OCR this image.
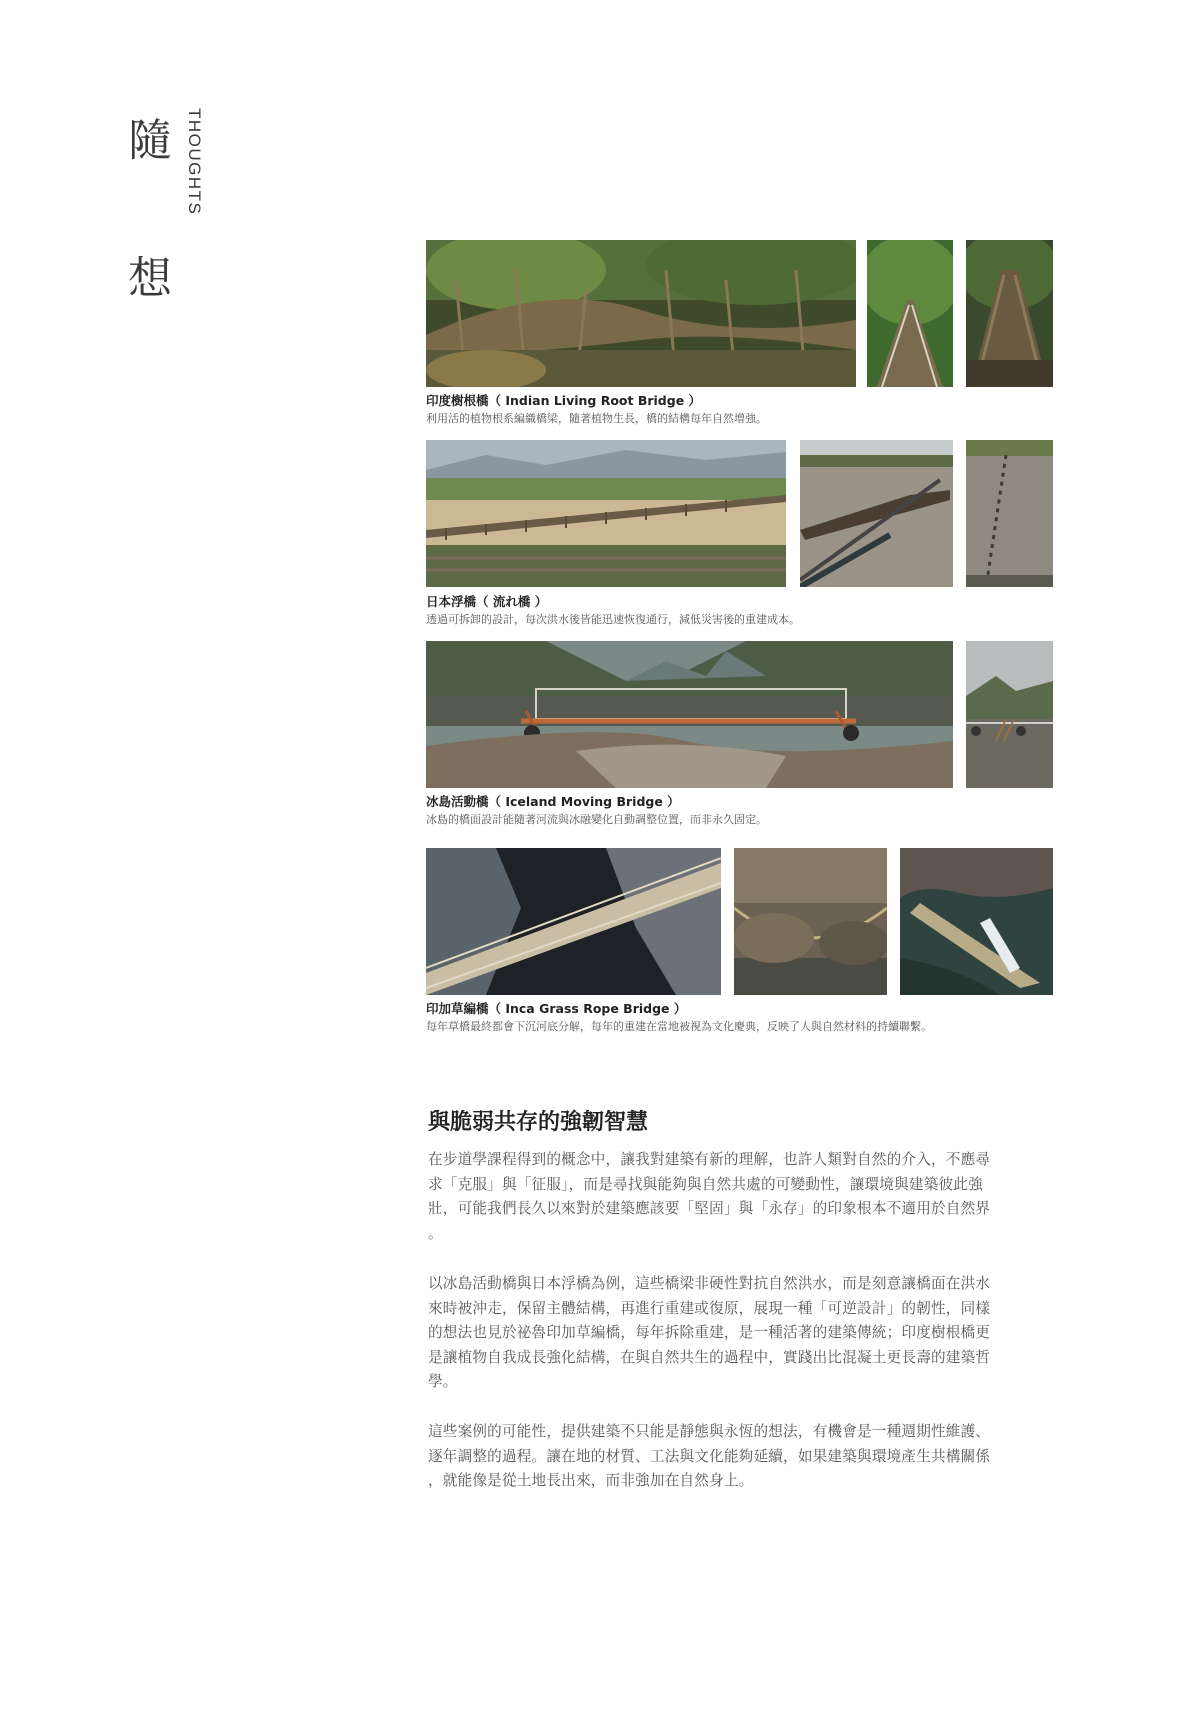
隨 THOUGHTS
想
印度樹根橋（ Indian Living Root Bridge ）
利用活的植物根系編織橋梁，隨著植物生長，橋的結構每年自然增強。
日本浮橋（ 流れ橋 ）
透過可拆卸的設計，每次洪水後皆能迅速恢復通行，減低災害後的重建成本。
冰島活動橋（ Iceland Moving Bridge ）
冰島的橋面設計能隨著河流與冰融變化自動調整位置，而非永久固定。
印加草編橋（ Inca Grass Rope Bridge ）
每年草橋最終都會下沉河底分解，每年的重建在當地被視為文化慶典，反映了人與自然材料的持續聯繫。
與脆弱共存的強韌智慧
在步道學課程得到的概念中，讓我對建築有新的理解，也許人類對自然的介入，不應尋
求「克服」與「征服」，而是尋找與能夠與自然共處的可變動性，讓環境與建築彼此強
壯，可能我們長久以來對於建築應該要「堅固」與「永存」的印象根本不適用於自然界
。
以冰島活動橋與日本浮橋為例，這些橋梁非硬性對抗自然洪水，而是刻意讓橋面在洪水
來時被沖走，保留主體結構，再進行重建或復原，展現一種「可逆設計」的韌性，同樣
的想法也見於祕魯印加草編橋，每年拆除重建，是一種活著的建築傳統；印度樹根橋更
是讓植物自我成長強化結構，在與自然共生的過程中，實踐出比混凝土更長壽的建築哲
學。
這些案例的可能性，提供建築不只能是靜態與永恆的想法，有機會是一種週期性維護、
逐年調整的過程。讓在地的材質、工法與文化能夠延續，如果建築與環境產生共構關係
，就能像是從土地長出來，而非強加在自然身上。
